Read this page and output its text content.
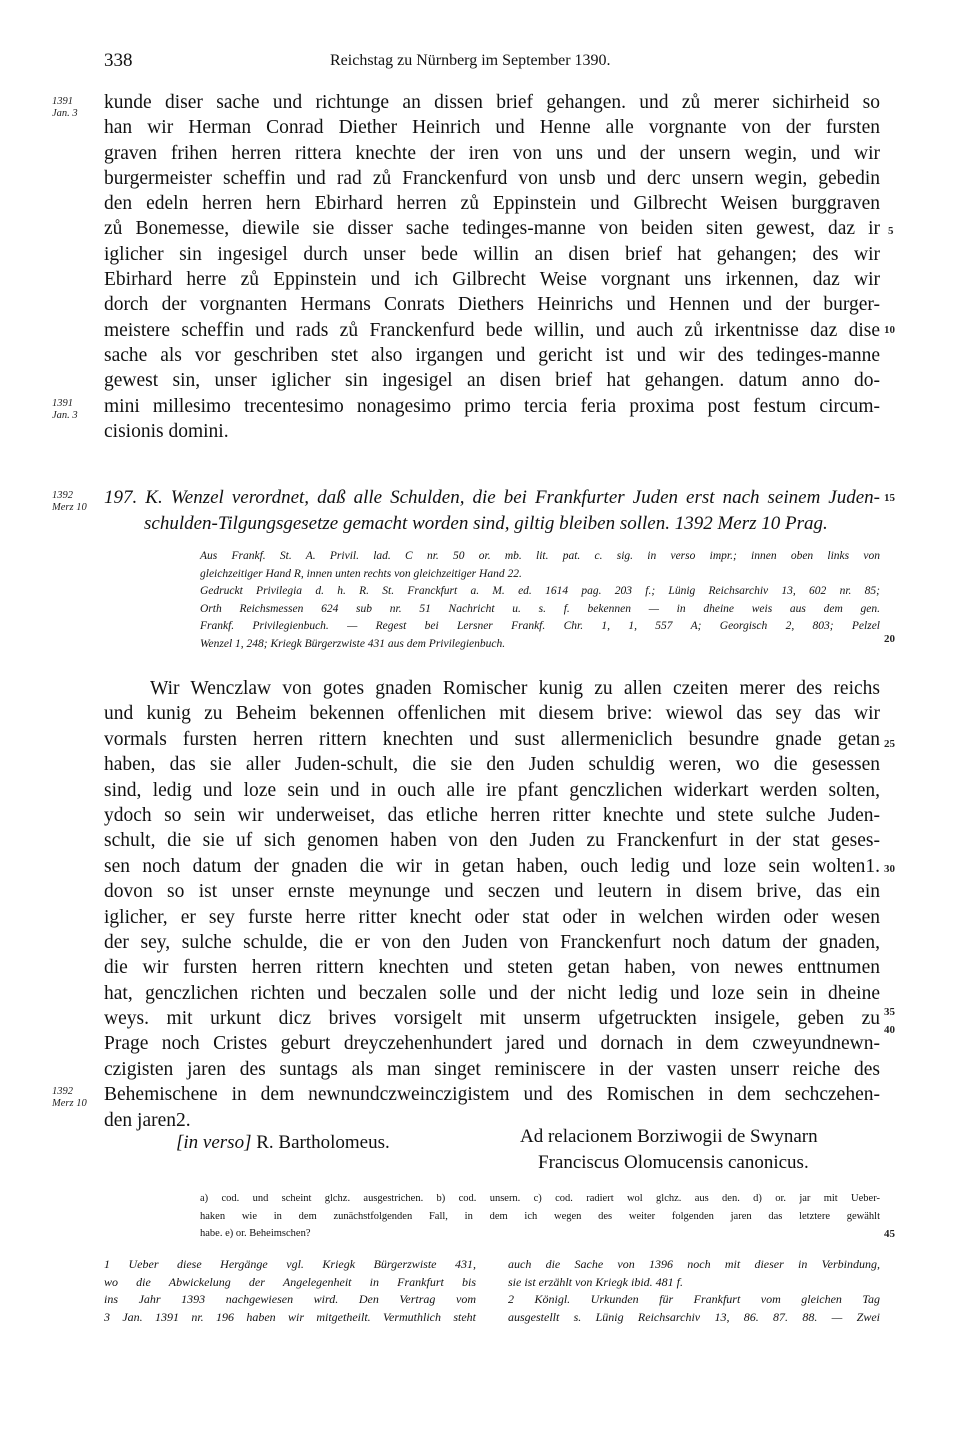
338	Reichstag zu Nürnberg im September 1390.
1391
Jan. 3
1391
Jan. 3
1392
Merz 10
1392
Merz 10
5
10
15
20
25
30
35
40
45
kunde diser sache und richtunge an dissen brief gehangen. und zů merer sichirheid so
han wir Herman Conrad Diether Heinrich und Henne alle vorgnante von der fursten
graven frihen herren rittera knechte der iren von uns und der unsern wegin, und wir
burgermeister scheffin und rad zů Franckenfurd von unsb und derc unsern wegin, gebedin
den edeln herren hern Ebirhard herren zů Eppinstein und Gilbrecht Weisen burggraven
zů Bonemesse, diewile sie disser sache tedinges-manne von beiden siten gewest, daz ir
iglicher sin ingesigel durch unser bede willin an disen brief hat gehangen; des wir
Ebirhard herre zů Eppinstein und ich Gilbrecht Weise vorgnant uns irkennen, daz wir
dorch der vorgnanten Hermans Conrats Diethers Heinrichs und Hennen und der burger-
meistere scheffin und rads zů Franckenfurd bede willin, und auch zů irkentnisse daz dise
sache als vor geschriben stet also irgangen und gericht ist und wir des tedinges-manne
gewest sin, unser iglicher sin ingesigel an disen brief hat gehangen. datum anno do-
mini millesimo trecentesimo nonagesimo primo tercia feria proxima post festum circum-
cisionis domini.
197. K. Wenzel verordnet, daß alle Schulden, die bei Frankfurter Juden erst nach seinem Juden-
schulden-Tilgungsgesetze gemacht worden sind, giltig bleiben sollen. 1392 Merz 10 Prag.
Aus Frankf. St. A. Privil. lad. C nr. 50 or. mb. lit. pat. c. sig. in verso impr.; innen oben links von
gleichzeitiger Hand R, innen unten rechts von gleichzeitiger Hand 22.
Gedruckt Privilegia d. h. R. St. Franckfurt a. M. ed. 1614 pag. 203 f.; Lünig Reichsarchiv 13, 602 nr. 85;
Orth Reichsmessen 624 sub nr. 51 Nachricht u. s. f. bekennen — in dheine weis aus dem gen.
Frankf. Privilegienbuch. — Regest bei Lersner Frankf. Chr. 1, 1, 557 A; Georgisch 2, 803; Pelzel
Wenzel 1, 248; Kriegk Bürgerzwiste 431 aus dem Privilegienbuch.
Wir Wenczlaw von gotes gnaden Romischer kunig zu allen czeiten merer des reichs
und kunig zu Beheim bekennen offenlichen mit diesem brive: wiewol das sey das wir
vormals fursten herren rittern knechten und sust allermeniclich besundre gnade getan
haben, das sie aller Juden-schult, die sie den Juden schuldig weren, wo die gesessen
sind, ledig und loze sein und in ouch alle ire pfant genczlichen widerkart werden solten,
ydoch so sein wir underweiset, das etliche herren ritter knechte und stete sulche Juden-
schult, die sie uf sich genomen haben von den Juden zu Franckenfurt in der stat geses-
sen noch datum der gnaden die wir in getan haben, ouch ledig und loze sein wolten1.
dovon so ist unser ernste meynunge und seczen und leutern in disem brive, das ein
iglicher, er sey furste herre ritter knecht oder stat oder in welchen wirden oder wesen
der sey, sulche schulde, die er von den Juden von Franckenfurt noch datum der gnaden,
die wir fursten herren rittern knechten und steten getan haben, von newes enttnumen
hat, genczlichen richten und beczalen solle und der nicht ledig und loze sein in dheine
weys. mit urkunt dicz brives vorsigelt mit unserm ufgetruckten insigele, geben zu
Prage noch Cristes geburt dreyczehenhundert jared und dornach in dem czweyundnewn-
czigisten jaren des suntags als man singet reminiscere in der vasten unserr reiche des
Behemischene in dem newnundczweinczigistem und des Romischen in dem sechczehen-
den jaren2.
[in verso] R. Bartholomeus.	Ad relacionem Borziwogii de Swynarn
Franciscus Olomucensis canonicus.
a) cod. und scheint glchz. ausgestrichen. b) cod. unsern. c) cod. radiert wol glchz. aus den. d) or. jar mit Ueber-
haken wie in dem zunächstfolgenden Fall, in dem ich wegen des weiter folgenden jaren das letztere gewählt
habe. e) or. Beheimschen?
1 Ueber diese Hergänge vgl. Kriegk Bürgerzwiste 431,
wo die Abwickelung der Angelegenheit in Frankfurt bis
ins Jahr 1393 nachgewiesen wird. Den Vertrag vom
3 Jan. 1391 nr. 196 haben wir mitgetheilt. Vermuthlich steht
auch die Sache von 1396 noch mit dieser in Verbindung,
sie ist erzählt von Kriegk ibid. 481 f.
2 Königl. Urkunden für Frankfurt vom gleichen Tag
ausgestellt s. Lünig Reichsarchiv 13, 86. 87. 88. — Zwei
